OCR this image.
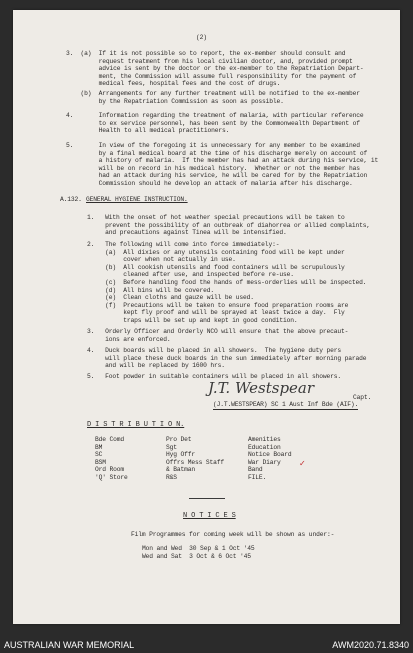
(2)
3.  (a)  If it is not possible so to report, the ex-member should consult and
request treatment from his local civilian doctor, and, provided prompt
advice is sent by the doctor or the ex-member to the Repatriation Depart-
ment, the Commission will assume full responsibility for the payment of
medical fees, hospital fees and the cost of drugs.
(b)  Arrangements for any further treatment will be notified to the ex-member
by the Repatriation Commission as soon as possible.
4.       Information regarding the treatment of malaria, with particular reference
to ex service personnel, has been sent by the Commonwealth Department of
Health to all medical practitioners.
5.       In view of the foregoing it is unnecessary for any member to be examined
by a final medical board at the time of his discharge merely on account of
a history of malaria.  If the member has had an attack during his service, it
will be on record in his medical history.  Whether or not the member has
had an attack during his service, he will be cared for by the Repatriation
Commission should he develop an attack of malaria after his discharge.
A.132. GENERAL HYGIENE INSTRUCTION.
1.   With the onset of hot weather special precautions will be taken to
prevent the possibility of an outbreak of diahorrea or allied complaints,
and precautions against Tinea will be intensified.
2.   The following will come into force immediately:-
(a)  All dixies or any utensils containing food will be kept under
cover when not actually in use.
(b)  All cookish utensils and food containers will be scrupulously
cleaned after use, and inspected before re-use.
(c)  Before handling food the hands of mess-orderlies will be inspected.
(d)  All bins will be covered.
(e)  Clean cloths and gauze will be used.
(f)  Precautions will be taken to ensure food preparation rooms are
kept fly proof and will be sprayed at least twice a day.  Fly
traps will be set up and kept in good condition.
3.   Orderly Officer and Orderly NCO will ensure that the above precaut-
ions are enforced.
4.   Duck boards will be placed in all showers.  The hygiene duty pers
will place these duck boards in the sun immediately after morning parade
and will be replaced by 1600 hrs.
5.   Foot powder in suitable containers will be placed in all showers.
J.T. Westspear
Capt.
(J.T.WESTSPEAR) SC 1 Aust Inf Bde (AIF).
D I S T R I B U T I O N.
Bde Comd
BM
SC
BSM
Ord Room
'Q' Store
Pro Det
Sgt
Hyg Offr
Offrs Mess Staff
& Batman
R&S
Amenities
Education
Notice Board
War Diary
Band
FILE.
✓
N O T I C E S
Film Programmes for coming week will be shown as under:-
Mon and Wed  30 Sep & 1 Oct '45
Wed and Sat  3 Oct & 6 Oct '45
AUSTRALIAN WAR MEMORIAL	AWM2020.71.8340
